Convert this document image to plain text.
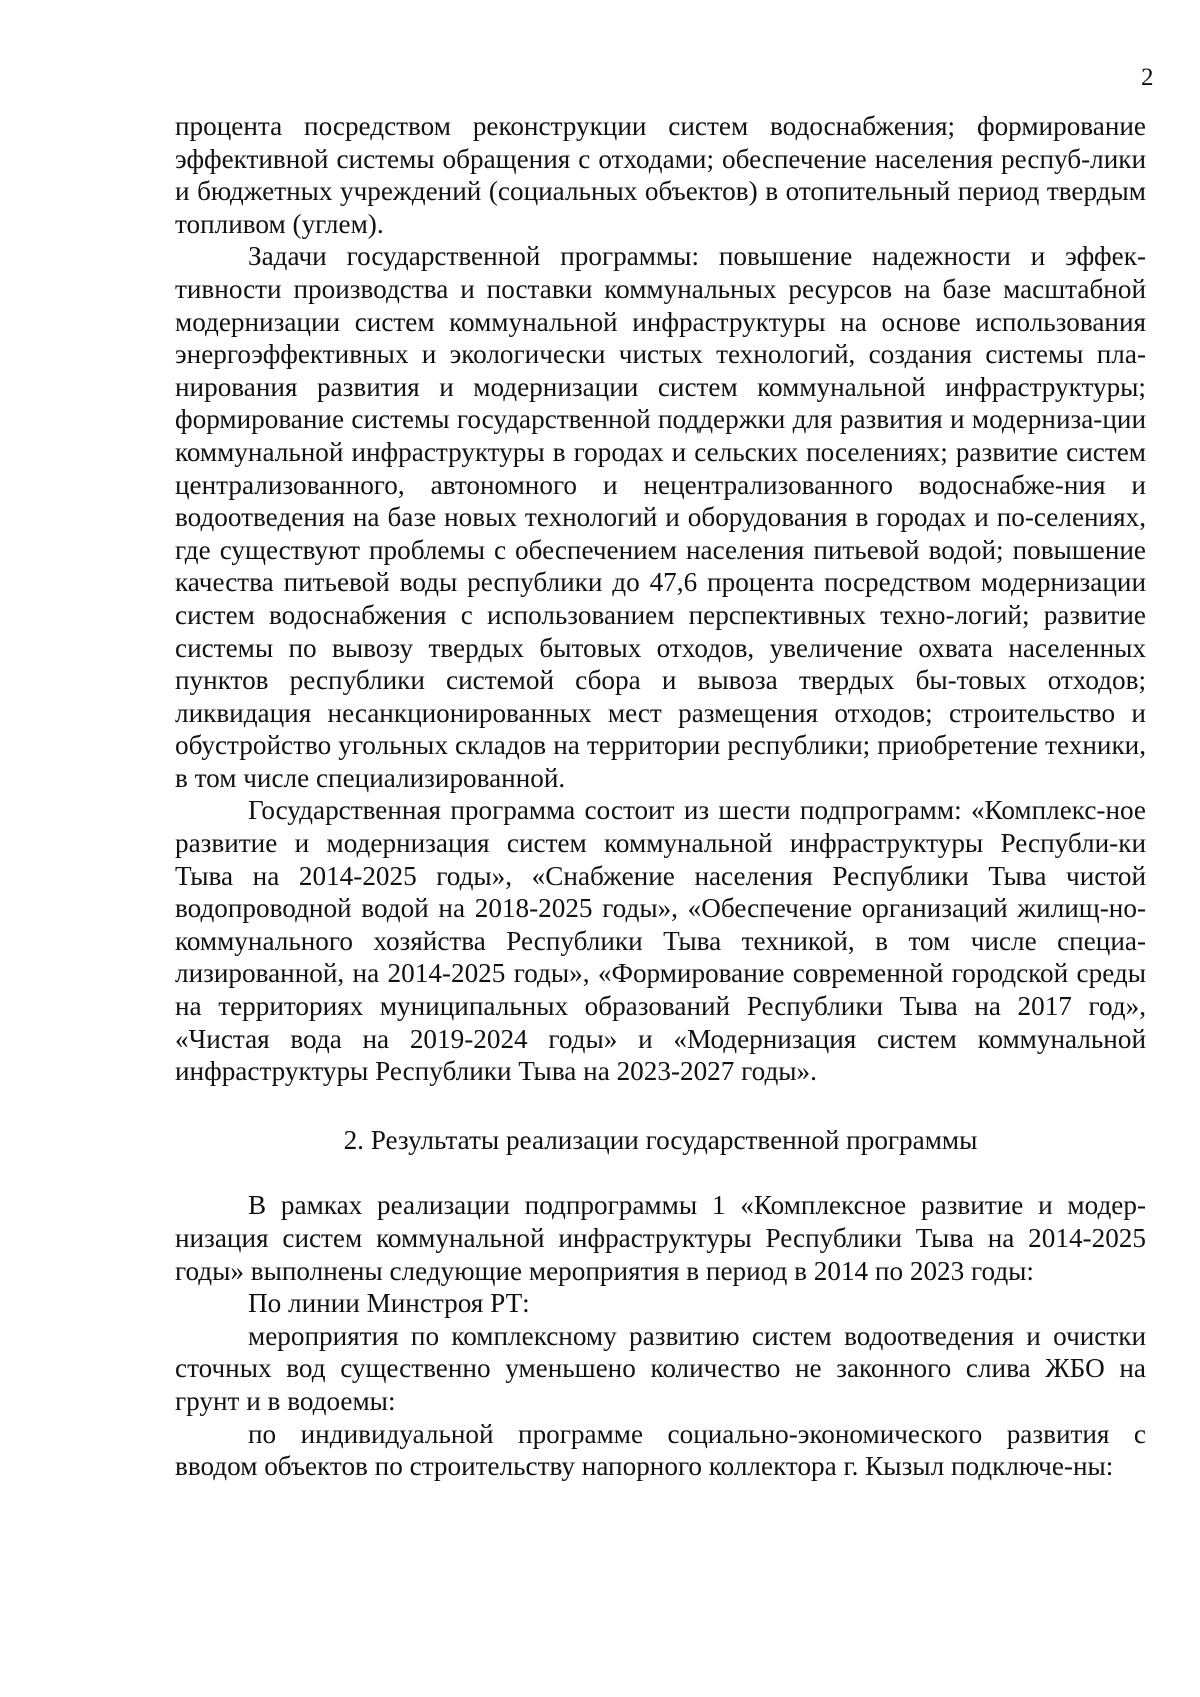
2

процента посредством реконструкции систем водоснабжения; формирование эффективной системы обращения с отходами; обеспечение населения респуб-лики и бюджетных учреждений (социальных объектов) в отопительный период твердым топливом (углем).

Задачи государственной программы: повышение надежности и эффек-тивности производства и поставки коммунальных ресурсов на базе масштабной модернизации систем коммунальной инфраструктуры на основе использования энергоэффективных и экологически чистых технологий, создания системы пла-нирования развития и модернизации систем коммунальной инфраструктуры; формирование системы государственной поддержки для развития и модерниза-ции коммунальной инфраструктуры в городах и сельских поселениях; развитие систем централизованного, автономного и нецентрализованного водоснабже-ния и водоотведения на базе новых технологий и оборудования в городах и по-селениях, где существуют проблемы с обеспечением населения питьевой водой; повышение качества питьевой воды республики до 47,6 процента посредством модернизации систем водоснабжения с использованием перспективных техно-логий; развитие системы по вывозу твердых бытовых отходов, увеличение охвата населенных пунктов республики системой сбора и вывоза твердых бы-товых отходов; ликвидация несанкционированных мест размещения отходов; строительство и обустройство угольных складов на территории республики; приобретение техники, в том числе специализированной.

Государственная программа состоит из шести подпрограмм: «Комплекс-ное развитие и модернизация систем коммунальной инфраструктуры Республи-ки Тыва на 2014-2025 годы», «Снабжение населения Республики Тыва чистой водопроводной водой на 2018-2025 годы», «Обеспечение организаций жилищ-но-коммунального хозяйства Республики Тыва техникой, в том числе специа-лизированной, на 2014-2025 годы», «Формирование современной городской среды на территориях муниципальных образований Республики Тыва на 2017 год», «Чистая вода на 2019-2024 годы» и «Модернизация систем коммунальной инфраструктуры Республики Тыва на 2023-2027 годы».

2. Результаты реализации государственной программы

В рамках реализации подпрограммы 1 «Комплексное развитие и модер-низация систем коммунальной инфраструктуры Республики Тыва на 2014-2025 годы» выполнены следующие мероприятия в период в 2014 по 2023 годы:

По линии Минстроя РТ:

мероприятия по комплексному развитию систем водоотведения и очистки сточных вод существенно уменьшено количество не законного слива ЖБО на грунт и в водоемы:

по индивидуальной программе социально-экономического развития с вводом объектов по строительству напорного коллектора г. Кызыл подключе-ны:
